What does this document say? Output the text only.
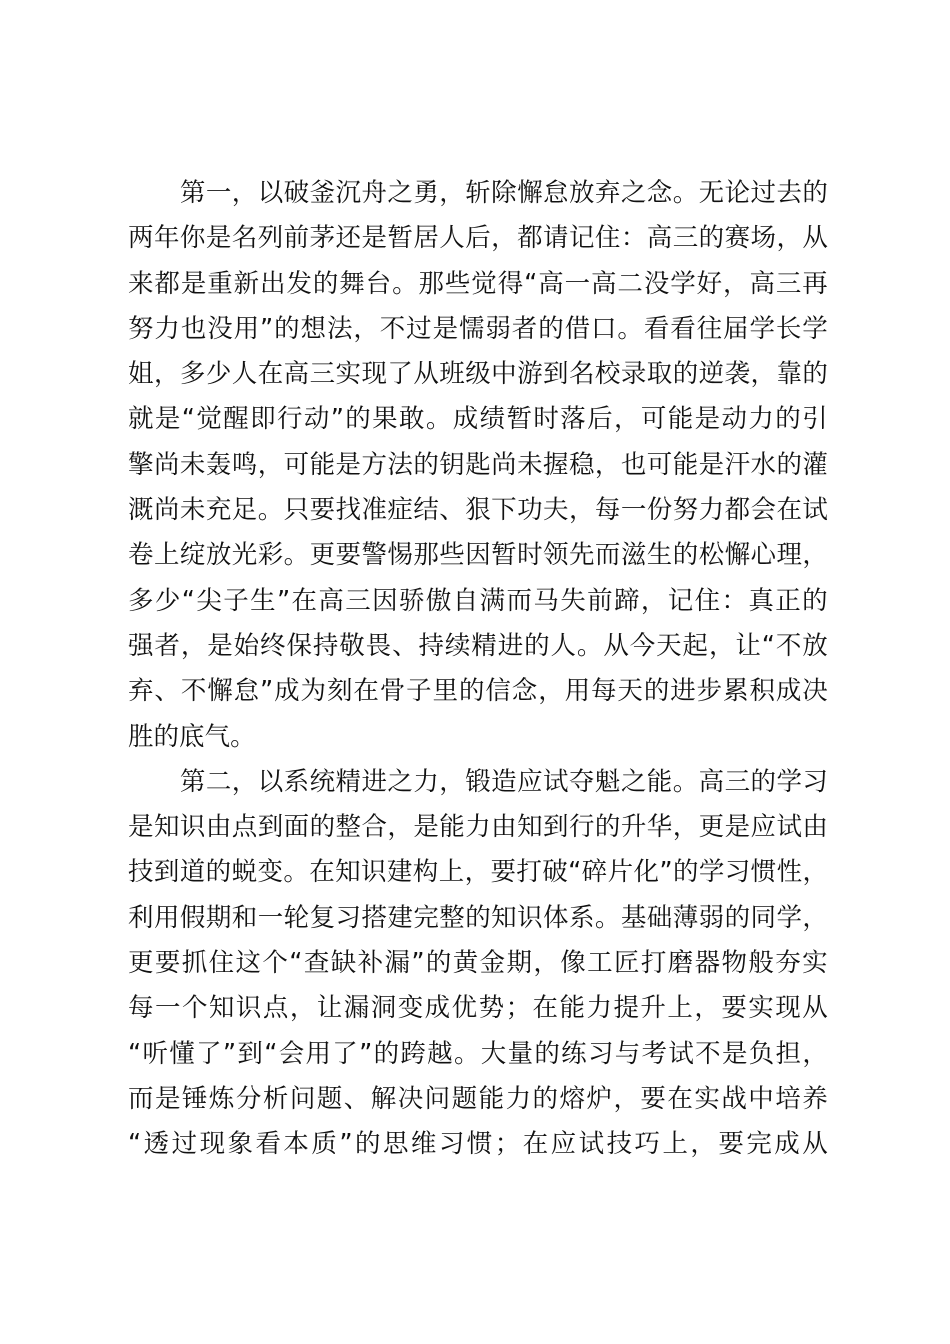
第 一 ， 以 破 釜 沉 舟 之 勇 ， 斩 除 懈 怠 放 弃 之 念 。 无 论 过 去 的
两 年 你 是 名 列 前 茅 还 是 暂 居 人 后 ， 都 请 记 住 ： 高 三 的 赛 场 ， 从
来 都 是 重 新 出 发 的 舞 台 。 那 些 觉 得 “ 高 一 高 二 没 学 好 ， 高 三 再
努 力 也 没 用 ” 的 想 法 ， 不 过 是 懦 弱 者 的 借 口 。 看 看 往 届 学 长 学
姐 ， 多 少 人 在 高 三 实 现 了 从 班 级 中 游 到 名 校 录 取 的 逆 袭 ， 靠 的
就 是 “ 觉 醒 即 行 动 ” 的 果 敢 。 成 绩 暂 时 落 后 ， 可 能 是 动 力 的 引
擎 尚 未 轰 鸣 ， 可 能 是 方 法 的 钥 匙 尚 未 握 稳 ， 也 可 能 是 汗 水 的 灌
溉 尚 未 充 足 。 只 要 找 准 症 结 、 狠 下 功 夫 ， 每 一 份 努 力 都 会 在 试
卷 上 绽 放 光 彩 。 更 要 警 惕 那 些 因 暂 时 领 先 而 滋 生 的 松 懈 心 理 ，
多 少 “ 尖 子 生 ” 在 高 三 因 骄 傲 自 满 而 马 失 前 蹄 ， 记 住 ： 真 正 的
强 者 ， 是 始 终 保 持 敬 畏 、 持 续 精 进 的 人 。 从 今 天 起 ， 让 “ 不 放
弃 、 不 懈 怠 ” 成 为 刻 在 骨 子 里 的 信 念 ， 用 每 天 的 进 步 累 积 成 决
胜 的 底 气 。

第 二 ， 以 系 统 精 进 之 力 ， 锻 造 应 试 夺 魁 之 能 。 高 三 的 学 习
是 知 识 由 点 到 面 的 整 合 ， 是 能 力 由 知 到 行 的 升 华 ， 更 是 应 试 由
技 到 道 的 蜕 变 。 在 知 识 建 构 上 ， 要 打 破 “ 碎 片 化 ” 的 学 习 惯 性 ，
利 用 假 期 和 一 轮 复 习 搭 建 完 整 的 知 识 体 系 。 基 础 薄 弱 的 同 学 ，
更 要 抓 住 这 个 “ 查 缺 补 漏 ” 的 黄 金 期 ， 像 工 匠 打 磨 器 物 般 夯 实
每 一 个 知 识 点 ， 让 漏 洞 变 成 优 势 ； 在 能 力 提 升 上 ， 要 实 现 从
“ 听 懂 了 ” 到 “ 会 用 了 ” 的 跨 越 。 大 量 的 练 习 与 考 试 不 是 负 担 ，
而 是 锤 炼 分 析 问 题 、 解 决 问 题 能 力 的 熔 炉 ， 要 在 实 战 中 培 养
“ 透 过 现 象 看 本 质 ” 的 思 维 习 惯 ； 在 应 试 技 巧 上 ， 要 完 成 从
